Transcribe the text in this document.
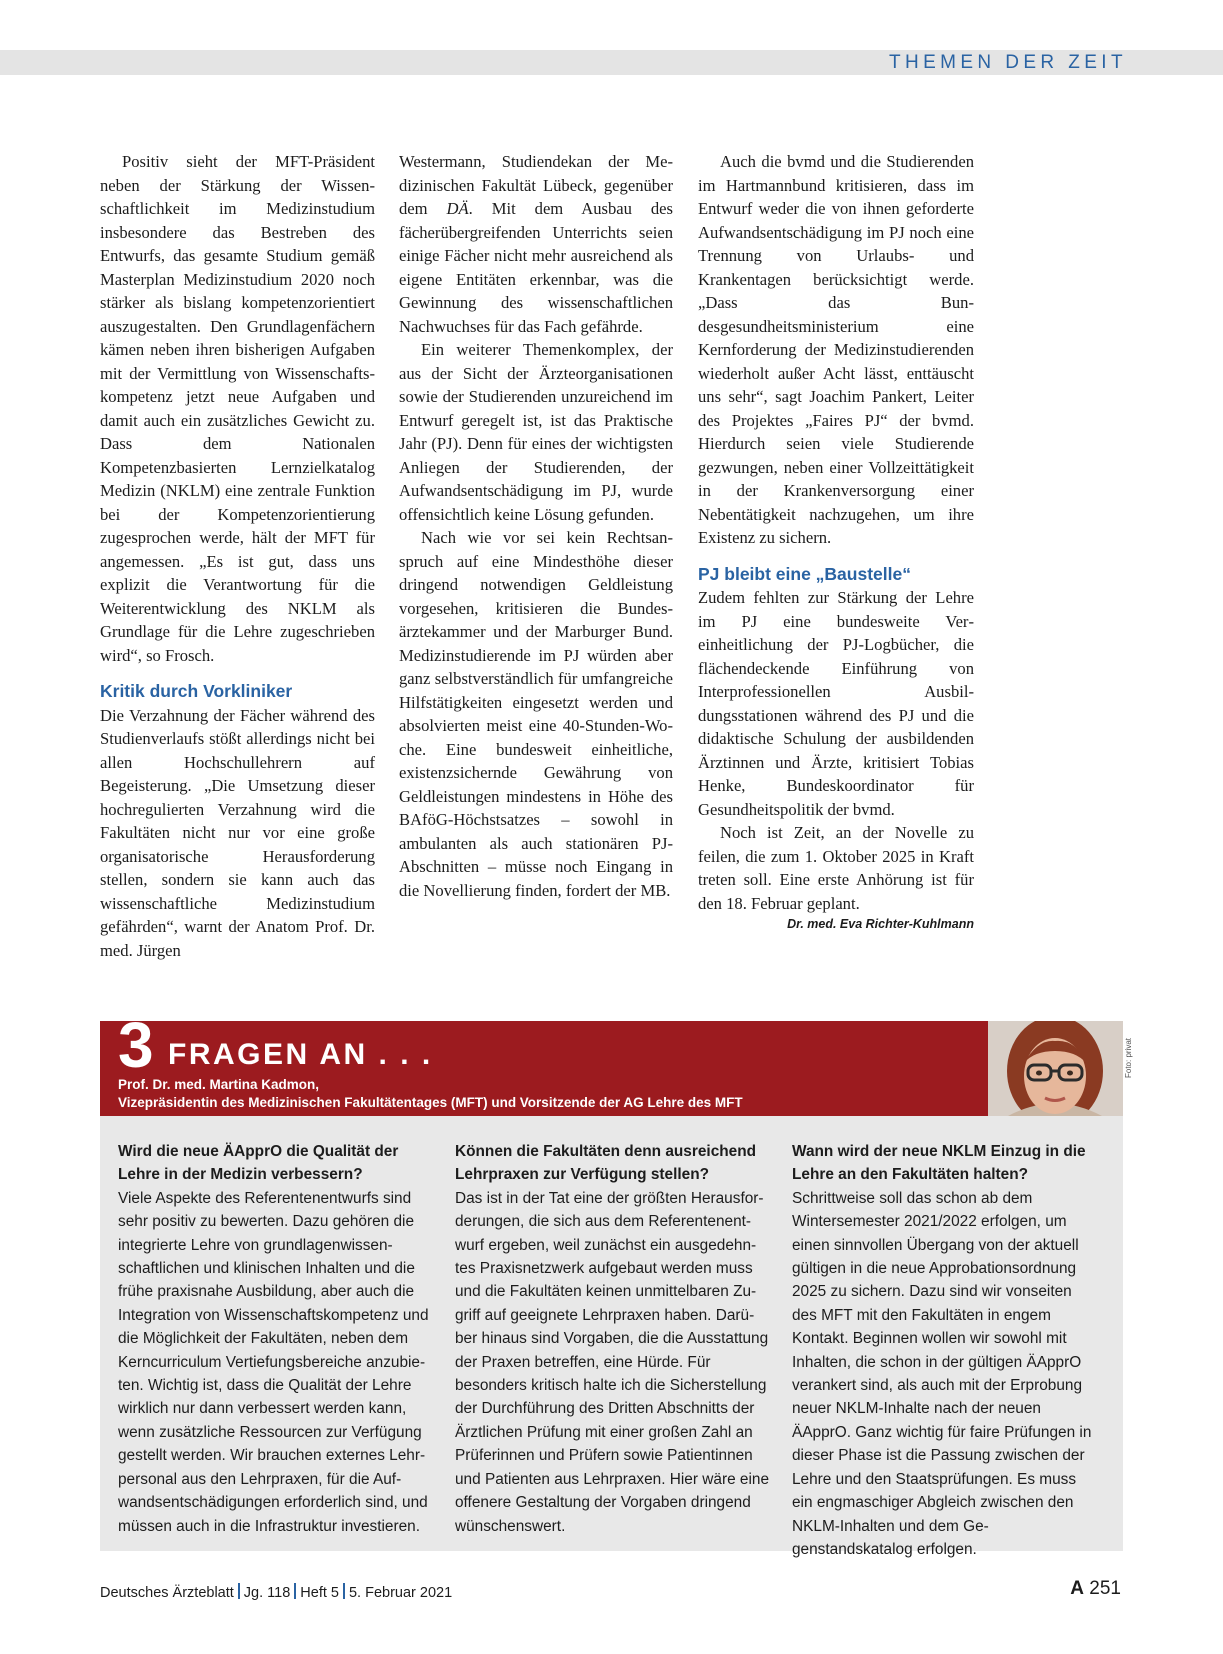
THEMEN DER ZEIT

Positiv sieht der MFT-Präsident neben der Stärkung der Wissenschaftlichkeit im Medizinstudium insbesondere das Bestreben des Entwurfs, das gesamte Studium gemäß Masterplan Medizinstudium 2020 noch stärker als bislang kompetenzorientiert auszugestalten. Den Grundlagenfächern kämen neben ihren bisherigen Aufgaben mit der Vermittlung von Wissenschaftskompetenz jetzt neue Aufgaben und damit auch ein zusätzliches Gewicht zu. Dass dem Nationalen Kompetenzbasierten Lernzielkatalog Medizin (NKLM) eine zentrale Funktion bei der Kompetenzorientierung zugesprochen werde, hält der MFT für angemessen. „Es ist gut, dass uns explizit die Verantwortung für die Weiterentwicklung des NKLM als Grundlage für die Lehre zugeschrieben wird“, so Frosch.

Kritik durch Vorkliniker

Die Verzahnung der Fächer während des Studienverlaufs stößt allerdings nicht bei allen Hochschullehrern auf Begeisterung. „Die Umsetzung dieser hochregulierten Verzahnung wird die Fakultäten nicht nur vor eine große organisatorische Herausforderung stellen, sondern sie kann auch das wissenschaftliche Medizinstudium gefährden“, warnt der Anatom Prof. Dr. med. Jürgen

Westermann, Studiendekan der Medizinischen Fakultät Lübeck, gegenüber dem DÄ. Mit dem Ausbau des fächerübergreifenden Unterrichts seien einige Fächer nicht mehr ausreichend als eigene Entitäten erkennbar, was die Gewinnung des wissenschaftlichen Nachwuchses für das Fach gefährde.

Ein weiterer Themenkomplex, der aus der Sicht der Ärzteorganisationen sowie der Studierenden unzureichend im Entwurf geregelt ist, ist das Praktische Jahr (PJ). Denn für eines der wichtigsten Anliegen der Studierenden, der Aufwandsentschädigung im PJ, wurde offensichtlich keine Lösung gefunden.

Nach wie vor sei kein Rechtsanspruch auf eine Mindesthöhe dieser dringend notwendigen Geldleistung vorgesehen, kritisieren die Bundesärztekammer und der Marburger Bund. Medizinstudierende im PJ würden aber ganz selbstverständlich für umfangreiche Hilfstätigkeiten eingesetzt werden und absolvierten meist eine 40-Stunden-Woche. Eine bundesweit einheitliche, existenzsichernde Gewährung von Geldleistungen mindestens in Höhe des BAföG-Höchstsatzes – sowohl in ambulanten als auch stationären PJ-Abschnitten – müsse noch Eingang in die Novellierung finden, fordert der MB.

Auch die bvmd und die Studierenden im Hartmannbund kritisieren, dass im Entwurf weder die von ihnen geforderte Aufwandsentschädigung im PJ noch eine Trennung von Urlaubs- und Krankentagen berücksichtigt werde. „Dass das Bundesgesundheitsministerium eine Kernforderung der Medizinstudierenden wiederholt außer Acht lässt, enttäuscht uns sehr“, sagt Joachim Pankert, Leiter des Projektes „Faires PJ“ der bvmd. Hierdurch seien viele Studierende gezwungen, neben einer Vollzeittätigkeit in der Krankenversorgung einer Nebentätigkeit nachzugehen, um ihre Existenz zu sichern.

PJ bleibt eine „Baustelle“

Zudem fehlten zur Stärkung der Lehre im PJ eine bundesweite Vereinheitlichung der PJ-Logbücher, die flächendeckende Einführung von Interprofessionellen Ausbildungsstationen während des PJ und die didaktische Schulung der ausbildenden Ärztinnen und Ärzte, kritisiert Tobias Henke, Bundeskoordinator für Gesundheitspolitik der bvmd.

Noch ist Zeit, an der Novelle zu feilen, die zum 1. Oktober 2025 in Kraft treten soll. Eine erste Anhörung ist für den 18. Februar geplant.

Dr. med. Eva Richter-Kuhlmann

3 FRAGEN AN . . .
Prof. Dr. med. Martina Kadmon,
Vizepräsidentin des Medizinischen Fakultätentages (MFT) und Vorsitzende der AG Lehre des MFT
Foto: privat
Wird die neue ÄApprO die Qualität der Lehre in der Medizin verbessern?
Viele Aspekte des Referentenentwurfs sind sehr positiv zu bewerten. Dazu gehören die integrierte Lehre von grundlagenwissenschaftlichen und klinischen Inhalten und die frühe praxisnahe Ausbildung, aber auch die Integration von Wissenschaftskompetenz und die Möglichkeit der Fakultäten, neben dem Kerncurriculum Vertiefungsbereiche anzubieten. Wichtig ist, dass die Qualität der Lehre wirklich nur dann verbessert werden kann, wenn zusätzliche Ressourcen zur Verfügung gestellt werden. Wir brauchen externes Lehrpersonal aus den Lehrpraxen, für die Aufwandsentschädigungen erforderlich sind, und müssen auch in die Infrastruktur investieren.
Können die Fakultäten denn ausreichend Lehrpraxen zur Verfügung stellen?
Das ist in der Tat eine der größten Herausforderungen, die sich aus dem Referentenentwurf ergeben, weil zunächst ein ausgedehntes Praxisnetzwerk aufgebaut werden muss und die Fakultäten keinen unmittelbaren Zugriff auf geeignete Lehrpraxen haben. Darüber hinaus sind Vorgaben, die die Ausstattung der Praxen betreffen, eine Hürde. Für besonders kritisch halte ich die Sicherstellung der Durchführung des Dritten Abschnitts der Ärztlichen Prüfung mit einer großen Zahl an Prüferinnen und Prüfern sowie Patientinnen und Patienten aus Lehrpraxen. Hier wäre eine offenere Gestaltung der Vorgaben dringend wünschenswert.
Wann wird der neue NKLM Einzug in die Lehre an den Fakultäten halten?
Schrittweise soll das schon ab dem Wintersemester 2021/2022 erfolgen, um einen sinnvollen Übergang von der aktuell gültigen in die neue Approbationsordnung 2025 zu sichern. Dazu sind wir vonseiten des MFT mit den Fakultäten in engem Kontakt. Beginnen wollen wir sowohl mit Inhalten, die schon in der gültigen ÄApprO verankert sind, als auch mit der Erprobung neuer NKLM-Inhalte nach der neuen ÄApprO. Ganz wichtig für faire Prüfungen in dieser Phase ist die Passung zwischen der Lehre und den Staatsprüfungen. Es muss ein engmaschiger Abgleich zwischen den NKLM-Inhalten und dem Gegenstandskatalog erfolgen.
Deutsches Ärzteblatt Jg. 118 Heft 5 5. Februar 2021	A 251
